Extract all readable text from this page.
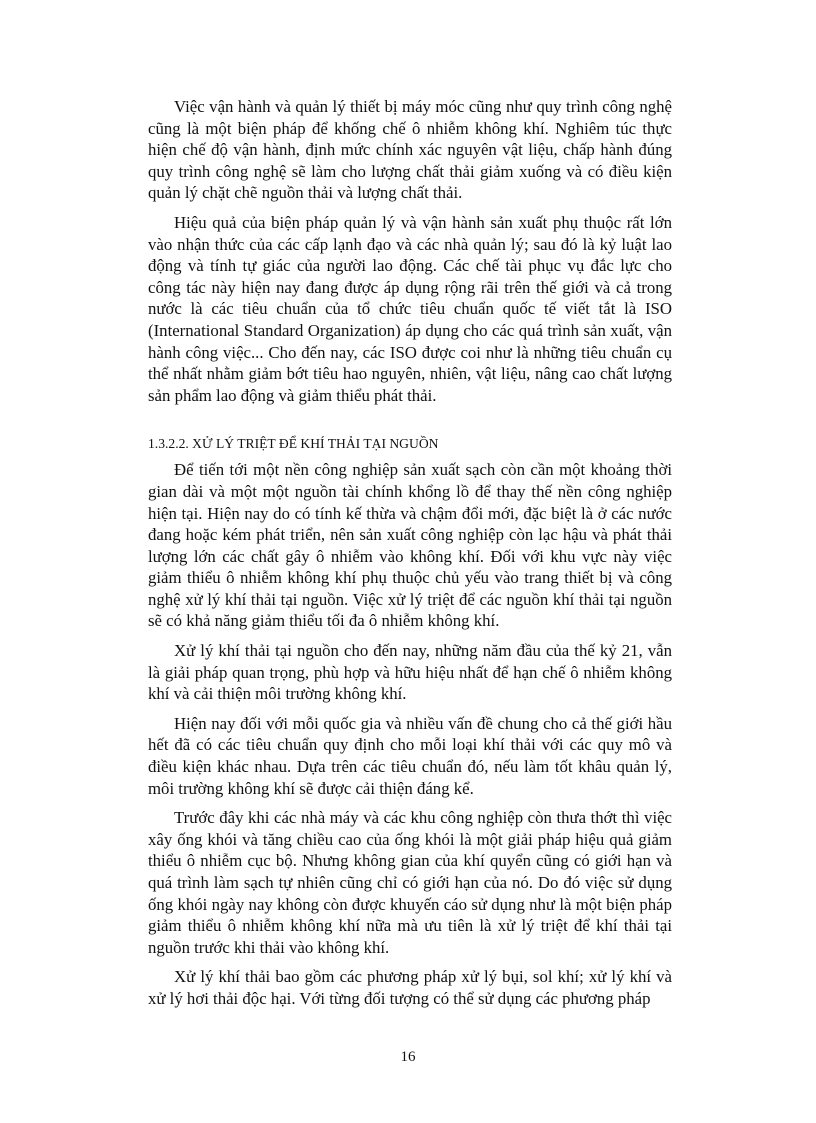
Việc vận hành và quản lý thiết bị máy móc cũng như quy trình công nghệ cũng là một biện pháp để khống chế ô nhiễm không khí. Nghiêm túc thực hiện chế độ vận hành, định mức chính xác nguyên vật liệu, chấp hành đúng quy trình công nghệ sẽ làm cho lượng chất thải giảm xuống và có điều kiện quản lý chặt chẽ nguồn thải và lượng chất thải.

Hiệu quả của biện pháp quản lý và vận hành sản xuất phụ thuộc rất lớn vào nhận thức của các cấp lạnh đạo và các nhà quản lý; sau đó là kỷ luật lao động và tính tự giác của người lao động. Các chế tài phục vụ đắc lực cho công tác này hiện nay đang được áp dụng rộng rãi trên thế giới và cả trong nước là các tiêu chuẩn của tổ chức tiêu chuẩn quốc tế viết tắt là ISO (International Standard Organization) áp dụng cho các quá trình sản xuất, vận hành công việc... Cho đến nay, các ISO được coi như là những tiêu chuẩn cụ thể nhất nhằm giảm bớt tiêu hao nguyên, nhiên, vật liệu, nâng cao chất lượng sản phẩm lao động và giảm thiểu phát thải.

1.3.2.2. XỬ LÝ TRIỆT ĐỂ KHÍ THẢI TẠI NGUỒN

Để tiến tới một nền công nghiệp sản xuất sạch còn cần một khoảng thời gian dài và một một nguồn tài chính khổng lồ để thay thế nền công nghiệp hiện tại. Hiện nay do có tính kế thừa và chậm đổi mới, đặc biệt là ở các nước đang hoặc kém phát triển, nên sản xuất công nghiệp còn lạc hậu và phát thải lượng lớn các chất gây ô nhiễm vào không khí. Đối với khu vực này việc giảm thiểu ô nhiễm không khí phụ thuộc chủ yếu vào trang thiết bị và công nghệ xử lý khí thải tại nguồn. Việc xử lý triệt để các nguồn khí thải tại nguồn sẽ có khả năng giảm thiểu tối đa ô nhiễm không khí.

Xử lý khí thải tại nguồn cho đến nay, những năm đầu của thế kỷ 21, vẫn là giải pháp quan trọng, phù hợp và hữu hiệu nhất để hạn chế ô nhiễm không khí và cải thiện môi trường không khí.

Hiện nay đối với mỗi quốc gia và nhiều vấn đề chung cho cả thế giới hầu hết đã có các tiêu chuẩn quy định cho mỗi loại khí thải với các quy mô và điều kiện khác nhau. Dựa trên các tiêu chuẩn đó, nếu làm tốt khâu quản lý, môi trường không khí sẽ được cải thiện đáng kể.

Trước đây khi các nhà máy và các khu công nghiệp còn thưa thớt thì việc xây ống khói và tăng chiều cao của ống khói là một giải pháp hiệu quả giảm thiểu ô nhiễm cục bộ. Nhưng không gian của khí quyển cũng có giới hạn và quá trình làm sạch tự nhiên cũng chỉ có giới hạn của nó. Do đó việc sử dụng ống khói ngày nay không còn được khuyến cáo sử dụng như là một biện pháp giảm thiểu ô nhiễm không khí nữa mà ưu tiên là xử lý triệt để khí thải tại nguồn trước khi thải vào không khí.

Xử lý khí thải bao gồm các phương pháp xử lý bụi, sol khí; xử lý khí và xử lý hơi thải độc hại. Với từng đối tượng có thể sử dụng các phương pháp

16
